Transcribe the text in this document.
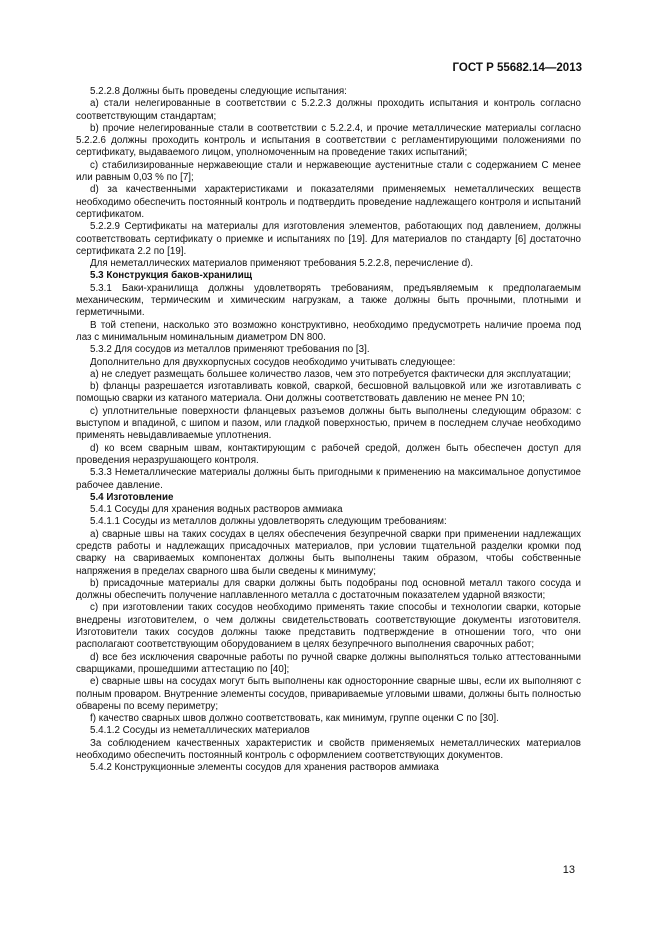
ГОСТ Р 55682.14—2013

5.2.2.8 Должны быть проведены следующие испытания:

а) стали нелегированные в соответствии с 5.2.2.3 должны проходить испытания и контроль согласно соответствующим стандартам;

b) прочие нелегированные стали в соответствии с 5.2.2.4, и прочие металлические материалы согласно 5.2.2.6 должны проходить контроль и испытания в соответствии с регламентирующими положениями по сертификату, выдаваемого лицом, уполномоченным на проведение таких испытаний;

c) стабилизированные нержавеющие стали и нержавеющие аустенитные стали с содержанием C менее или равным 0,03 % по [7];

d) за качественными характеристиками и показателями применяемых неметаллических веществ необходимо обеспечить постоянный контроль и подтвердить проведение надлежащего контроля и испытаний сертификатом.

5.2.2.9 Сертификаты на материалы для изготовления элементов, работающих под давлением, должны соответствовать сертификату о приемке и испытаниях по [19]. Для материалов по стандарту [6] достаточно сертификата 2.2 по [19].

Для неметаллических материалов применяют требования 5.2.2.8, перечисление d).

5.3 Конструкция баков-хранилищ

5.3.1 Баки-хранилища должны удовлетворять требованиям, предъявляемым к предполагаемым механическим, термическим и химическим нагрузкам, а также должны быть прочными, плотными и герметичными.

В той степени, насколько это возможно конструктивно, необходимо предусмотреть наличие проема под лаз с минимальным номинальным диаметром DN 800.

5.3.2 Для сосудов из металлов применяют требования по [3].

Дополнительно для двухкорпусных сосудов необходимо учитывать следующее:

а) не следует размещать большее количество лазов, чем это потребуется фактически для эксплуатации;

b) фланцы разрешается изготавливать ковкой, сваркой, бесшовной вальцовкой или же изготавливать с помощью сварки из катаного материала. Они должны соответствовать давлению не менее PN 10;

c) уплотнительные поверхности фланцевых разъемов должны быть выполнены следующим образом: с выступом и впадиной, с шипом и пазом, или гладкой поверхностью, причем в последнем случае необходимо применять невыдавливаемые уплотнения.

d) ко всем сварным швам, контактирующим с рабочей средой, должен быть обеспечен доступ для проведения неразрушающего контроля.

5.3.3 Неметаллические материалы должны быть пригодными к применению на максимальное допустимое рабочее давление.

5.4 Изготовление

5.4.1 Сосуды для хранения водных растворов аммиака

5.4.1.1 Сосуды из металлов должны удовлетворять следующим требованиям:

а) сварные швы на таких сосудах в целях обеспечения безупречной сварки при применении надлежащих средств работы и надлежащих присадочных материалов, при условии тщательной разделки кромки под сварку на свариваемых компонентах должны быть выполнены таким образом, чтобы собственные напряжения в пределах сварного шва были сведены к минимуму;

b) присадочные материалы для сварки должны быть подобраны под основной металл такого сосуда и должны обеспечить получение наплавленного металла с достаточным показателем ударной вязкости;

c) при изготовлении таких сосудов необходимо применять такие способы и технологии сварки, которые внедрены изготовителем, о чем должны свидетельствовать соответствующие документы изготовителя. Изготовители таких сосудов должны также представить подтверждение в отношении того, что они располагают соответствующим оборудованием в целях безупречного выполнения сварочных работ;

d) все без исключения сварочные работы по ручной сварке должны выполняться только аттестованными сварщиками, прошедшими аттестацию по [40];

e) сварные швы на сосудах могут быть выполнены как односторонние сварные швы, если их выполняют с полным проваром. Внутренние элементы сосудов, привариваемые угловыми швами, должны быть полностью обварены по всему периметру;

f) качество сварных швов должно соответствовать, как минимум, группе оценки C по [30].

5.4.1.2 Сосуды из неметаллических материалов

За соблюдением качественных характеристик и свойств применяемых неметаллических материалов необходимо обеспечить постоянный контроль с оформлением соответствующих документов.

5.4.2 Конструкционные элементы сосудов для хранения растворов аммиака

13
